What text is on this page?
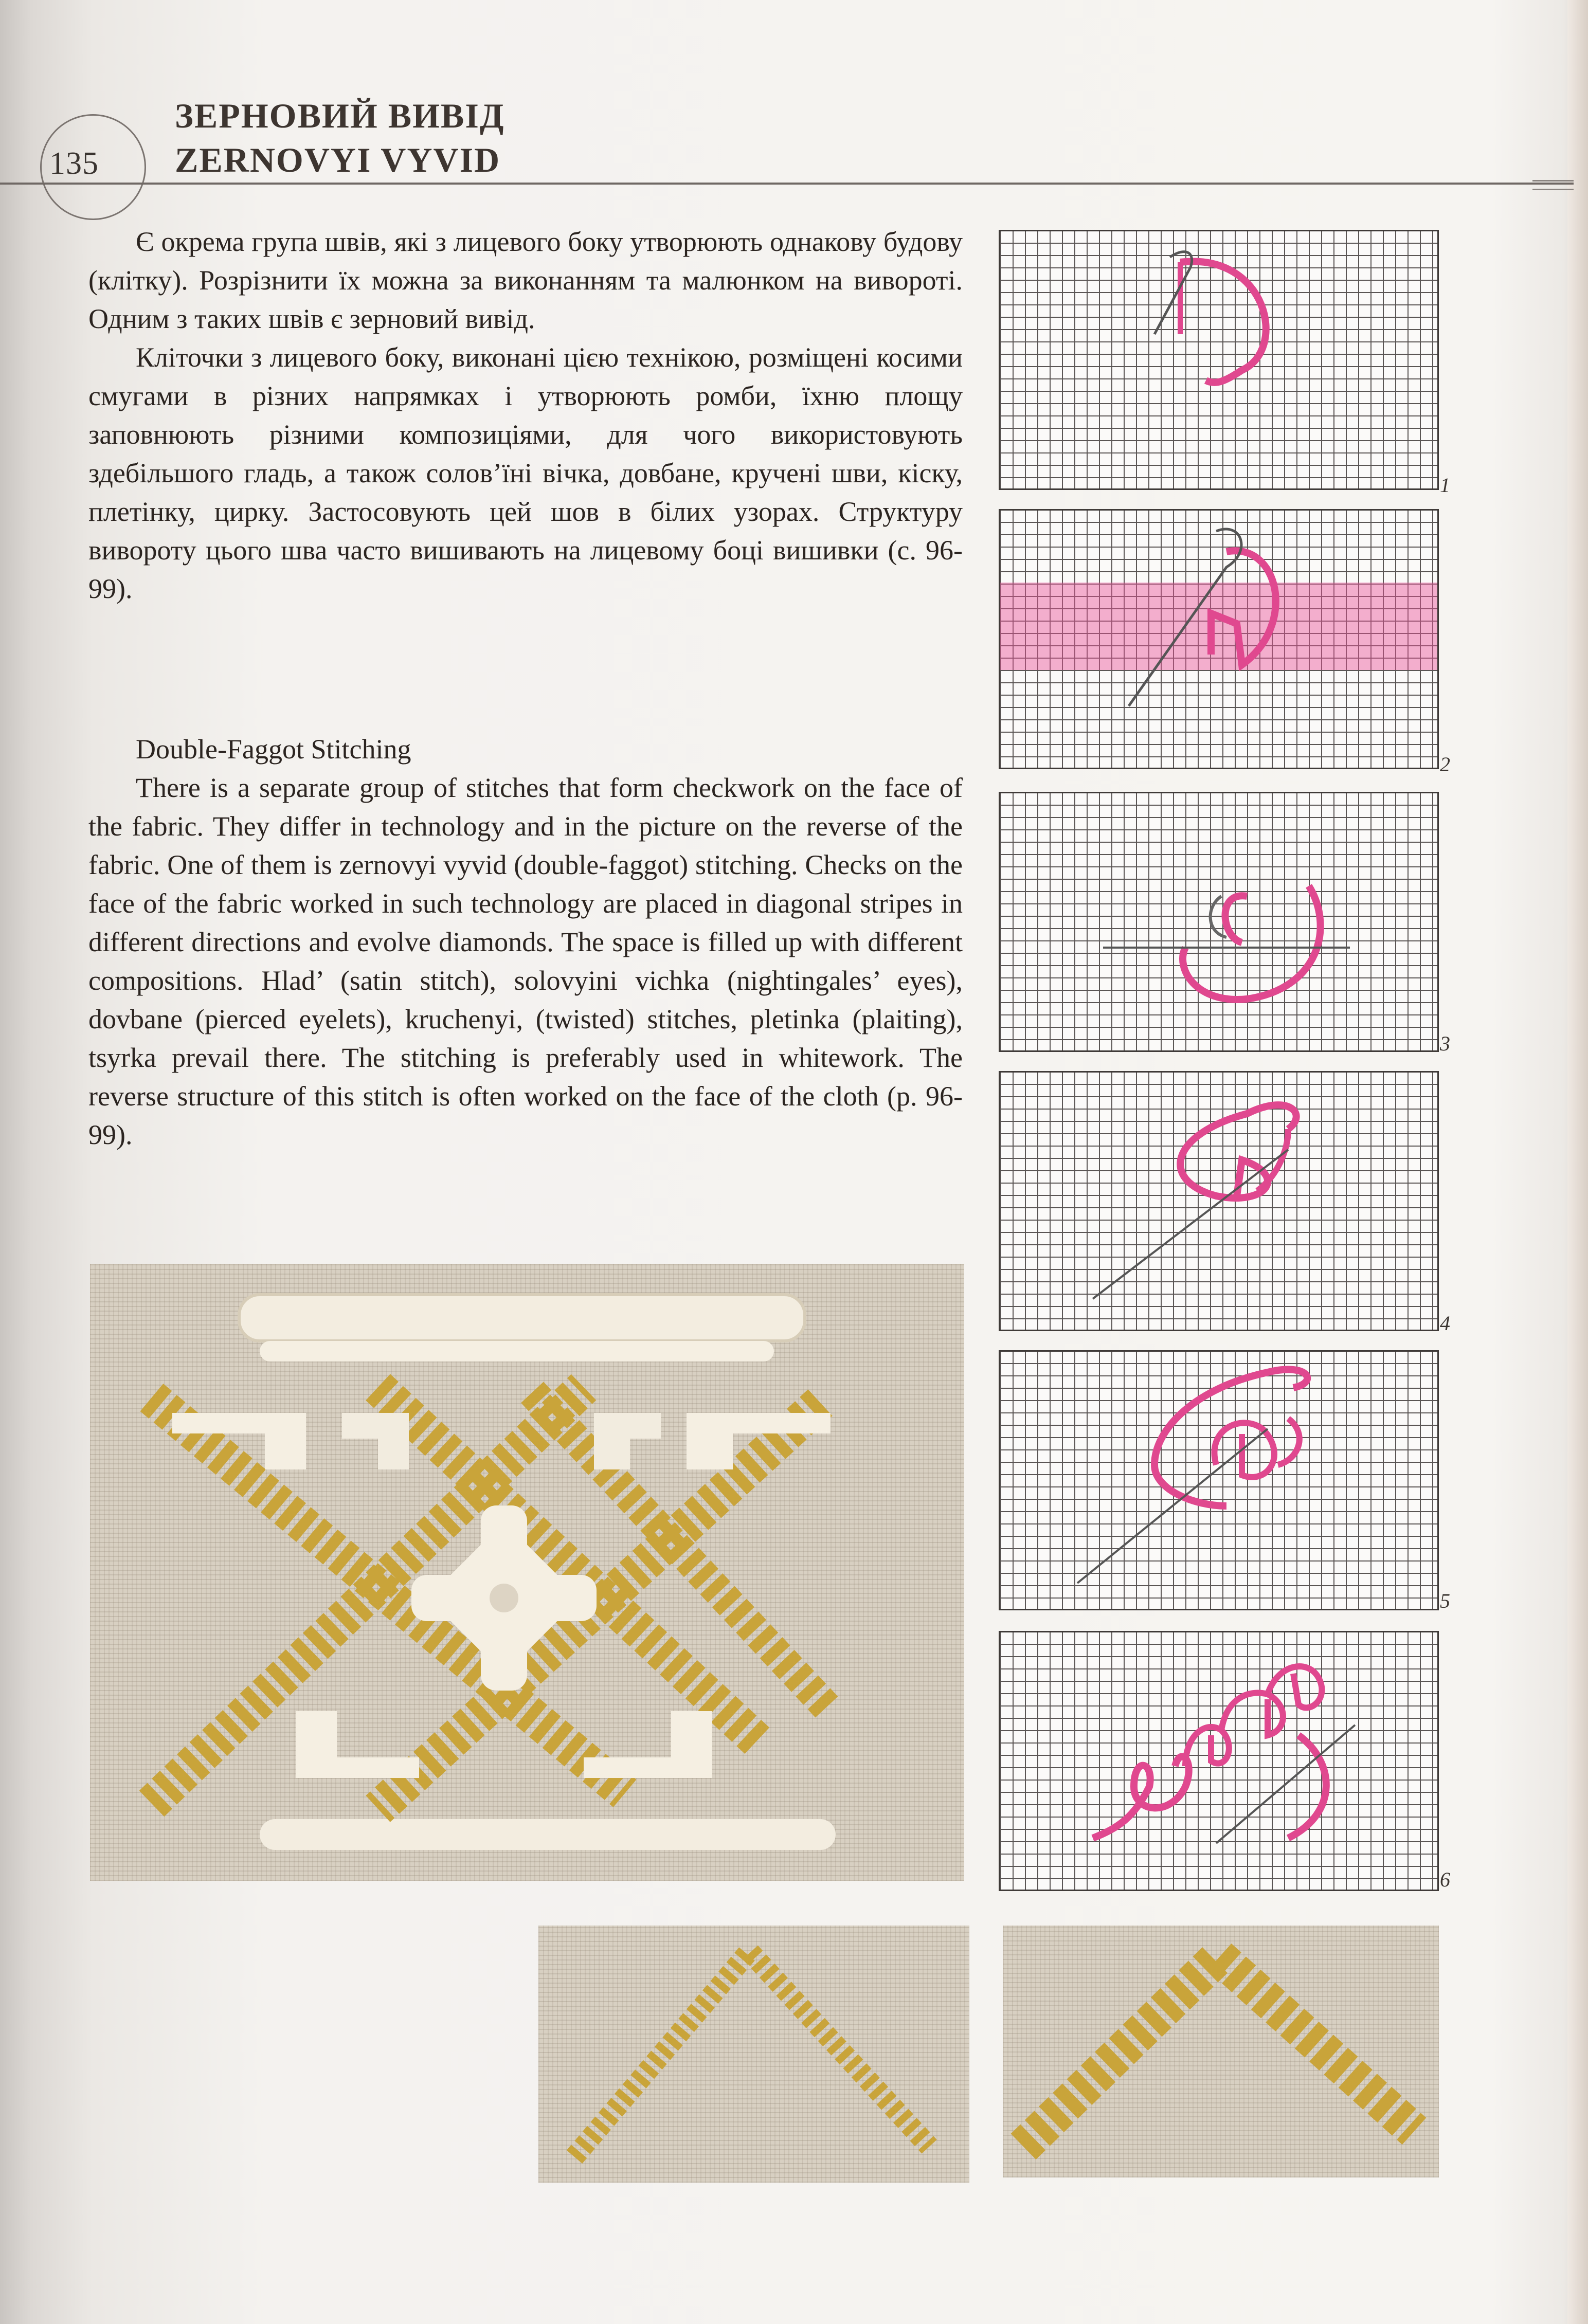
135
ЗЕРНОВИЙ ВИВІД
ZERNOVYI VYVID

Є окрема група швів, які з лицевого боку утворюють однакову будову (клітку). Розрізнити їх можна за виконанням та малюнком на вивороті. Одним з таких швів є зерновий вивід.

Кліточки з лицевого боку, виконані цією технікою, розміщені косими смугами в різних напрямках і утворюють ромби, їхню площу заповнюють різними композиціями, для чого використовують здебільшого гладь, а також солов’їні вічка, довбане, кручені шви, кіску, плетінку, цирку. Застосовують цей шов в білих узорах. Структуру вивороту цього шва часто вишивають на лицевому боці вишивки (с. 96-99).

Double-Faggot Stitching

There is a separate group of stitches that form checkwork on the face of the fabric. They differ in technology and in the picture on the reverse of the fabric. One of them is zernovyi vyvid (double-faggot) stitching. Checks on the face of the fabric worked in such technology are placed in diagonal stripes in different directions and evolve diamonds. The space is filled up with different compositions. Hlad’ (satin stitch), solovyini vichka (nightingales’ eyes), dovbane (pierced eyelets), kruchenyi, (twisted) stitches, pletinka (plaiting), tsyrka prevail there. The stitching is preferably used in whitework. The reverse structure of this stitch is often worked on the face of the cloth (p. 96-99).

1
2
3
4
5
6
